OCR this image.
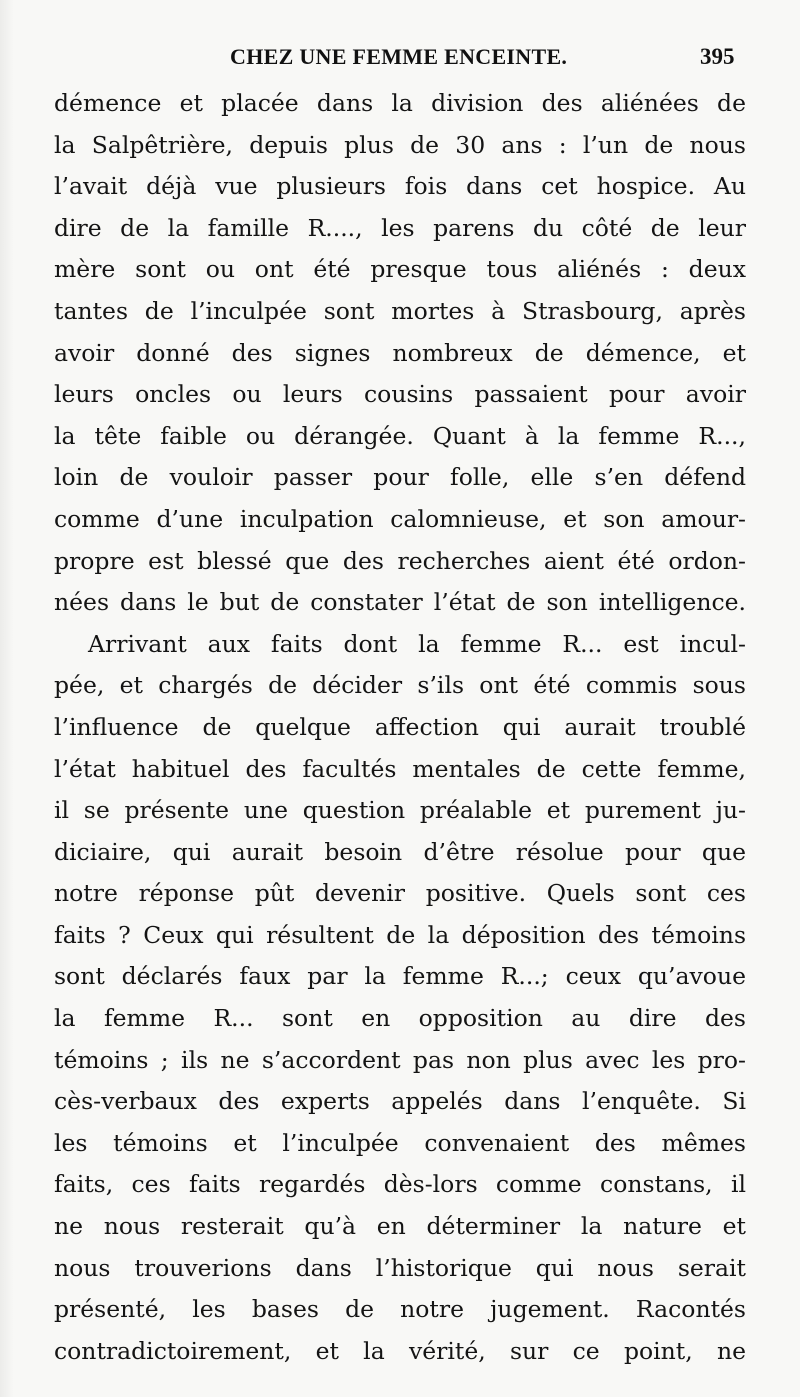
CHEZ UNE FEMME ENCEINTE.	395
démence et placée dans la division des aliénées de
la Salpêtrière, depuis plus de 30 ans : l’un de nous
l’avait déjà vue plusieurs fois dans cet hospice. Au
dire de la famille R...., les parens du côté de leur
mère sont ou ont été presque tous aliénés : deux
tantes de l’inculpée sont mortes à Strasbourg, après
avoir donné des signes nombreux de démence, et
leurs oncles ou leurs cousins passaient pour avoir
la tête faible ou dérangée. Quant à la femme R...,
loin de vouloir passer pour folle, elle s’en défend
comme d’une inculpation calomnieuse, et son amour-
propre est blessé que des recherches aient été ordon-
nées dans le but de constater l’état de son intelligence.
Arrivant aux faits dont la femme R... est incul-
pée, et chargés de décider s’ils ont été commis sous
l’influence de quelque affection qui aurait troublé
l’état habituel des facultés mentales de cette femme,
il se présente une question préalable et purement ju-
diciaire, qui aurait besoin d’être résolue pour que
notre réponse pût devenir positive. Quels sont ces
faits ? Ceux qui résultent de la déposition des témoins
sont déclarés faux par la femme R...; ceux qu’avoue
la femme R... sont en opposition au dire des
témoins ; ils ne s’accordent pas non plus avec les pro-
cès-verbaux des experts appelés dans l’enquête. Si
les témoins et l’inculpée convenaient des mêmes
faits, ces faits regardés dès-lors comme constans, il
ne nous resterait qu’à en déterminer la nature et
nous trouverions dans l’historique qui nous serait
présenté, les bases de notre jugement. Racontés
contradictoirement, et la vérité, sur ce point, ne
